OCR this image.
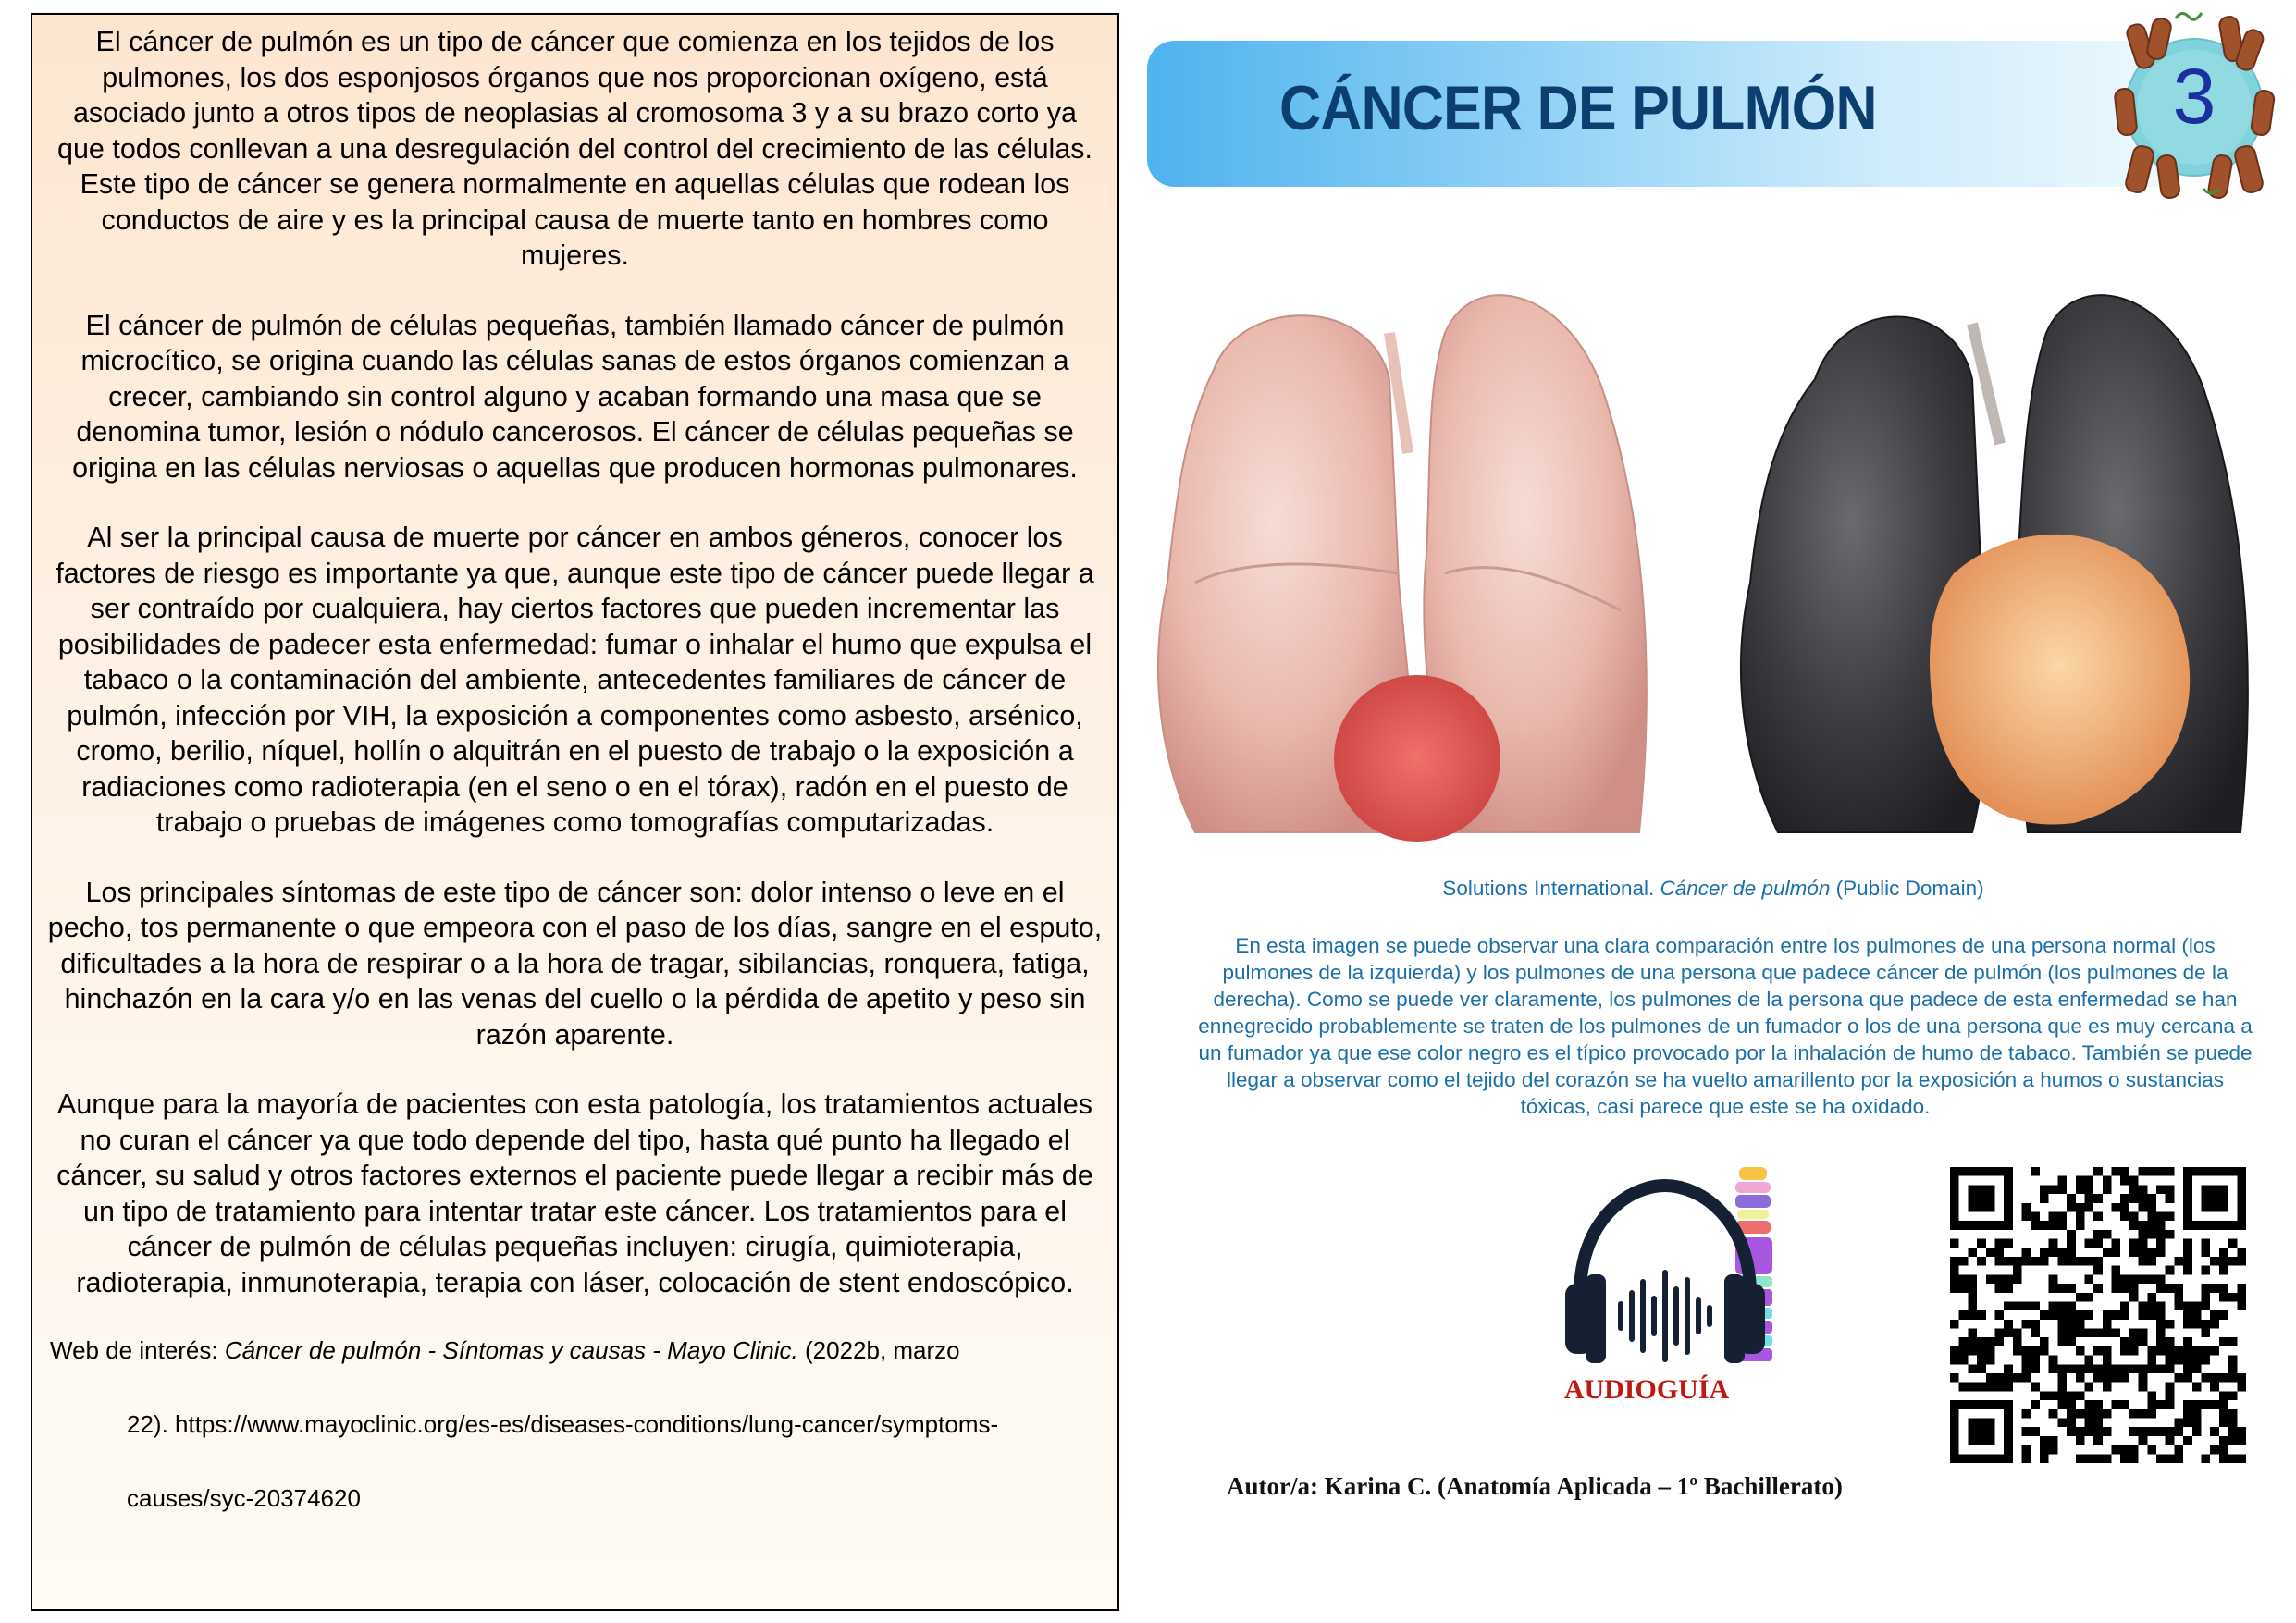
El cáncer de pulmón es un tipo de cáncer que comienza en los tejidos de los pulmones, los dos esponjosos órganos que nos proporcionan oxígeno, está asociado junto a otros tipos de neoplasias al cromosoma 3 y a su brazo corto ya que todos conllevan a una desregulación del control del crecimiento de las células. Este tipo de cáncer se genera normalmente en aquellas células que rodean los conductos de aire y es la principal causa de muerte tanto en hombres como mujeres.

El cáncer de pulmón de células pequeñas, también llamado cáncer de pulmón microcítico, se origina cuando las células sanas de estos órganos comienzan a crecer, cambiando sin control alguno y acaban formando una masa que se denomina tumor, lesión o nódulo cancerosos. El cáncer de células pequeñas se origina en las células nerviosas o aquellas que producen hormonas pulmonares.

Al ser la principal causa de muerte por cáncer en ambos géneros, conocer los factores de riesgo es importante ya que, aunque este tipo de cáncer puede llegar a ser contraído por cualquiera, hay ciertos factores que pueden incrementar las posibilidades de padecer esta enfermedad: fumar o inhalar el humo que expulsa el tabaco o la contaminación del ambiente, antecedentes familiares de cáncer de pulmón, infección por VIH, la exposición a componentes como asbesto, arsénico, cromo, berilio, níquel, hollín o alquitrán en el puesto de trabajo o la exposición a radiaciones como radioterapia (en el seno o en el tórax), radón en el puesto de trabajo o pruebas de imágenes como tomografías computarizadas.

Los principales síntomas de este tipo de cáncer son: dolor intenso o leve en el pecho, tos permanente o que empeora con el paso de los días, sangre en el esputo, dificultades a la hora de respirar o a la hora de tragar, sibilancias, ronquera, fatiga, hinchazón en la cara y/o en las venas del cuello o la pérdida de apetito y peso sin razón aparente.

Aunque para la mayoría de pacientes con esta patología, los tratamientos actuales no curan el cáncer ya que todo depende del tipo, hasta qué punto ha llegado el cáncer, su salud y otros factores externos el paciente puede llegar a recibir más de un tipo de tratamiento para intentar tratar este cáncer. Los tratamientos para el cáncer de pulmón de células pequeñas incluyen: cirugía, quimioterapia, radioterapia, inmunoterapia, terapia con láser, colocación de stent endoscópico.

Web de interés: Cáncer de pulmón - Síntomas y causas - Mayo Clinic. (2022b, marzo
22). https://www.mayoclinic.org/es-es/diseases-conditions/lung-cancer/symptoms-
causes/syc-20374620
CÁNCER DE PULMÓN	3
Solutions International. Cáncer de pulmón (Public Domain)
En esta imagen se puede observar una clara comparación entre los pulmones de una persona normal (los pulmones de la izquierda) y los pulmones de una persona que padece cáncer de pulmón (los pulmones de la derecha). Como se puede ver claramente, los pulmones de la persona que padece de esta enfermedad se han ennegrecido probablemente se traten de los pulmones de un fumador o los de una persona que es muy cercana a un fumador ya que ese color negro es el típico provocado por la inhalación de humo de tabaco. También se puede llegar a observar como el tejido del corazón se ha vuelto amarillento por la exposición a humos o sustancias tóxicas, casi parece que este se ha oxidado.
AUDIOGUÍA
Autor/a: Karina C. (Anatomía Aplicada – 1º Bachillerato)
